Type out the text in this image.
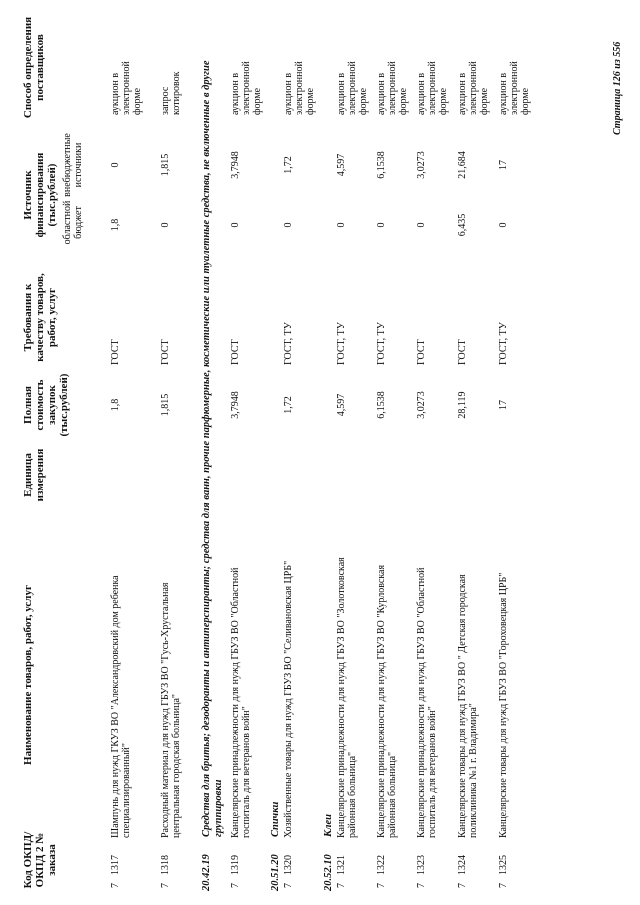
Код ОКПД/ ОКПД 2 № заказа
Наименование товаров, работ, услуг
Единица измерения
Полная стоимость закупок (тыс.рублей)
Требования к качеству товаров, работ, услуг
Источник финансирования (тыс.рублей)
Способ определения поставщиков
областной бюджет
внебюджетные источники
7
1317
Шампунь для нужд ГКУЗ ВО "Александровский дом ребенка специализированный"
1,8
ГОСТ
1,8
0
аукцион в электронной форме
7
1318
Расходный материал для нужд ГБУЗ ВО "Гусь-Хрустальная центральная городская больница"
1,815
ГОСТ
0
1,815
запрос котировок
20.42.19
Средства для бритья; дезодоранты и антиперспиранты; средства для ванн, прочие парфюмерные, косметические или туалетные средства, не включенные в другие группировки
7
1319
Канцелярские принадлежности для нужд ГБУЗ ВО "Областной госпиталь для ветеранов войн"
3,7948
ГОСТ
0
3,7948
аукцион в электронной форме
20.51.20
Спички
7
1320
Хозяйственные товары для нужд ГБУЗ ВО "Селивановская ЦРБ"
1,72
ГОСТ, ТУ
0
1,72
аукцион в электронной форме
20.52.10
Клеи
7
1321
Канцелярские принадлежности для нужд ГБУЗ ВО "Золотковская районная больница"
4,597
ГОСТ, ТУ
0
4,597
аукцион в электронной форме
7
1322
Канцелярские принадлежности для нужд ГБУЗ ВО "Курловская районная больница"
6,1538
ГОСТ, ТУ
0
6,1538
аукцион в электронной форме
7
1323
Канцелярские принадлежности для нужд ГБУЗ ВО "Областной госпиталь для ветеранов войн"
3,0273
ГОСТ
0
3,0273
аукцион в электронной форме
7
1324
Канцелярские товары для нужд ГБУЗ ВО " Детская городская поликлиника №1 г. Владимира"
28,119
ГОСТ
6,435
21,684
аукцион в электронной форме
7
1325
Канцелярские товары для нужд ГБУЗ ВО "Гороховецкая ЦРБ"
17
ГОСТ, ТУ
0
17
аукцион в электронной форме	Страница 126 из 556
